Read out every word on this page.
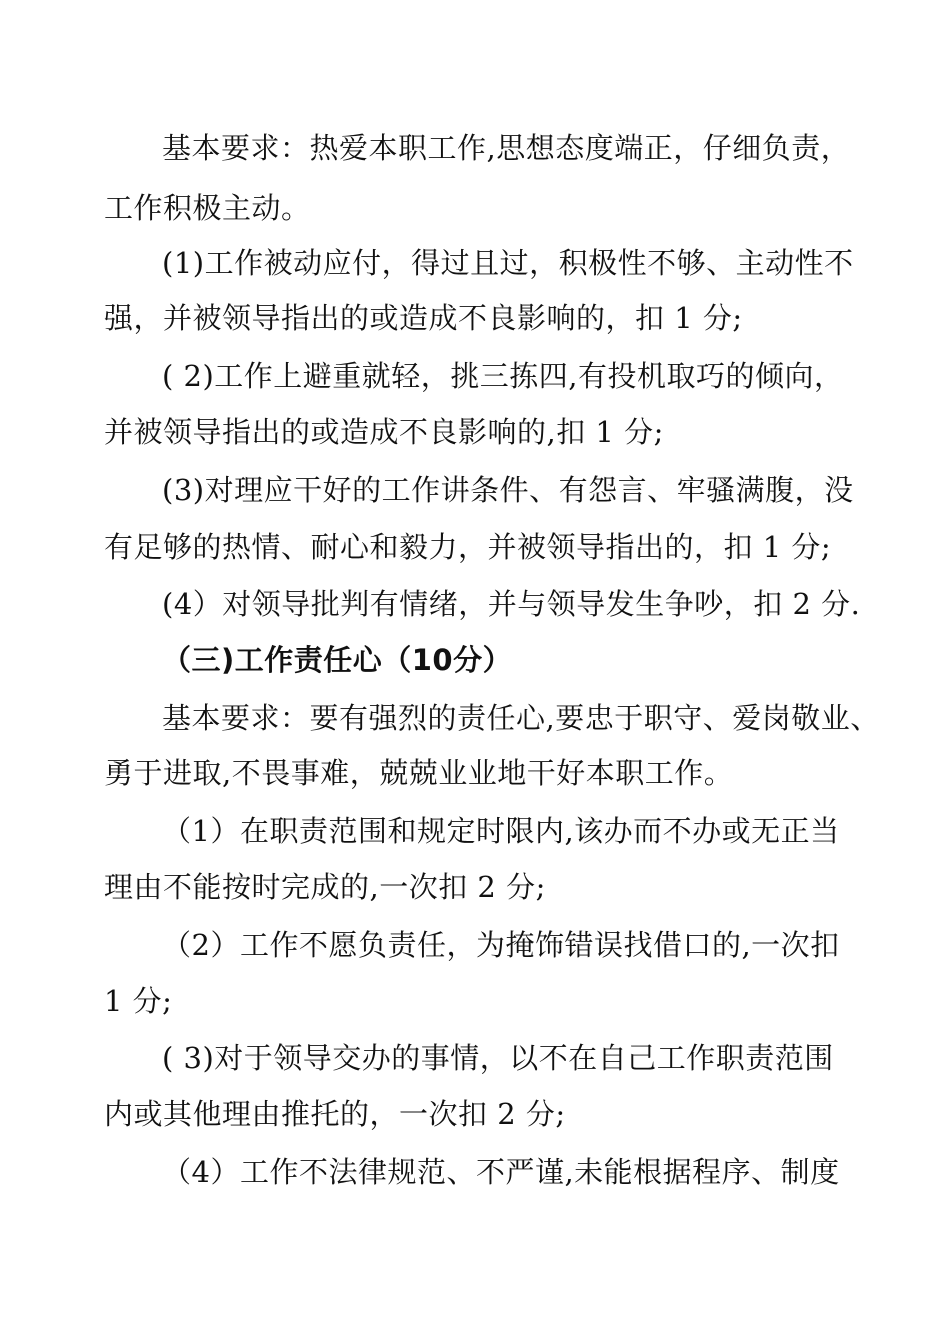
基本要求：热爱本职工作,思想态度端正，仔细负责，
工作积极主动。
(1)工作被动应付，得过且过，积极性不够、主动性不
强，并被领导指出的或造成不良影响的，扣 1 分;
( 2)工作上避重就轻，挑三拣四,有投机取巧的倾向，
并被领导指出的或造成不良影响的,扣 1 分;
(3)对理应干好的工作讲条件、有怨言、牢骚满腹，没
有足够的热情、耐心和毅力，并被领导指出的，扣 1 分;
(4）对领导批判有情绪，并与领导发生争吵，扣 2 分.
（三)工作责任心（10分）
基本要求：要有强烈的责任心,要忠于职守、爱岗敬业、
勇于进取,不畏事难，兢兢业业地干好本职工作。
（1）在职责范围和规定时限内,该办而不办或无正当
理由不能按时完成的,一次扣 2 分;
（2）工作不愿负责任，为掩饰错误找借口的,一次扣
1 分;
( 3)对于领导交办的事情，以不在自己工作职责范围
内或其他理由推托的，一次扣 2 分;
（4）工作不法律规范、不严谨,未能根据程序、制度
